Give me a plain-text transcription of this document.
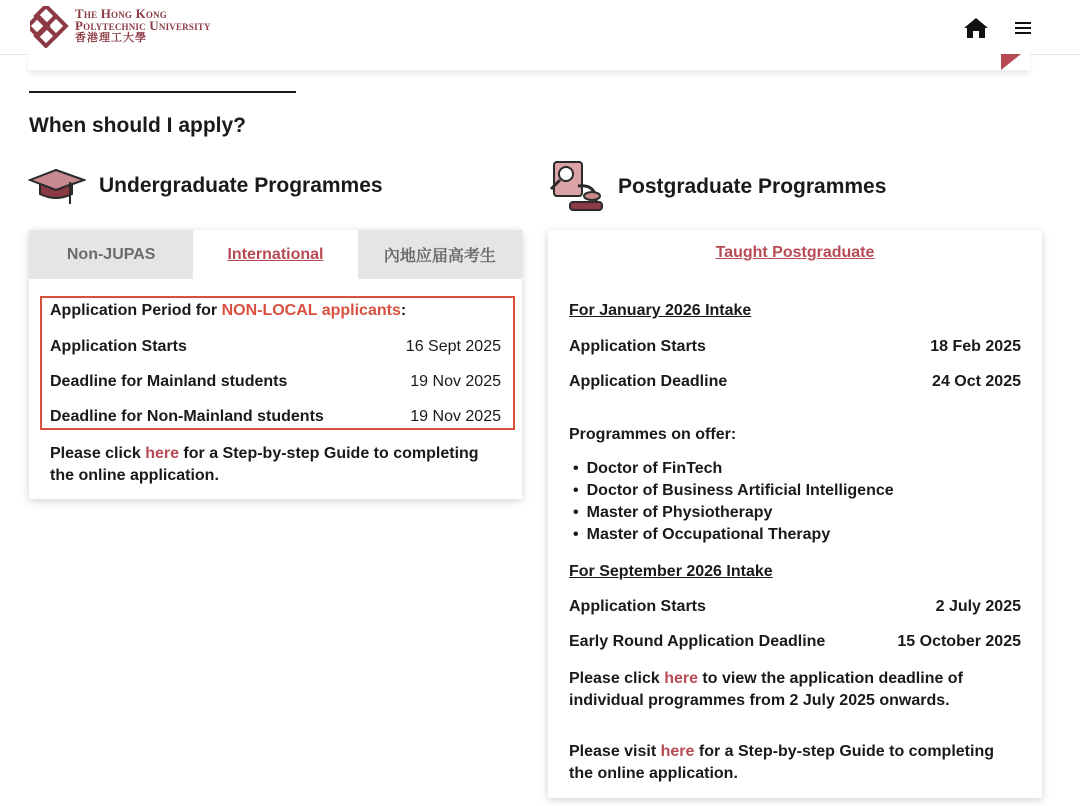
The Hong Kong
Polytechnic University
香港理工大學
When should I apply?
Undergraduate Programmes	Postgraduate Programmes
Non-JUPAS	International	內地应届高考生
Application Period for NON-LOCAL applicants:
Application Starts	16 Sept 2025
Deadline for Mainland students	19 Nov 2025
Deadline for Non-Mainland students	19 Nov 2025
Please click here for a Step-by-step Guide to completing the online application.
Taught Postgraduate
For January 2026 Intake
Application Starts	18 Feb 2025
Application Deadline	24 Oct 2025
Programmes on offer:
• Doctor of FinTech
• Doctor of Business Artificial Intelligence
• Master of Physiotherapy
• Master of Occupational Therapy
For September 2026 Intake
Application Starts	2 July 2025
Early Round Application Deadline	15 October 2025
Please click here to view the application deadline of individual programmes from 2 July 2025 onwards.
Please visit here for a Step-by-step Guide to completing the online application.
